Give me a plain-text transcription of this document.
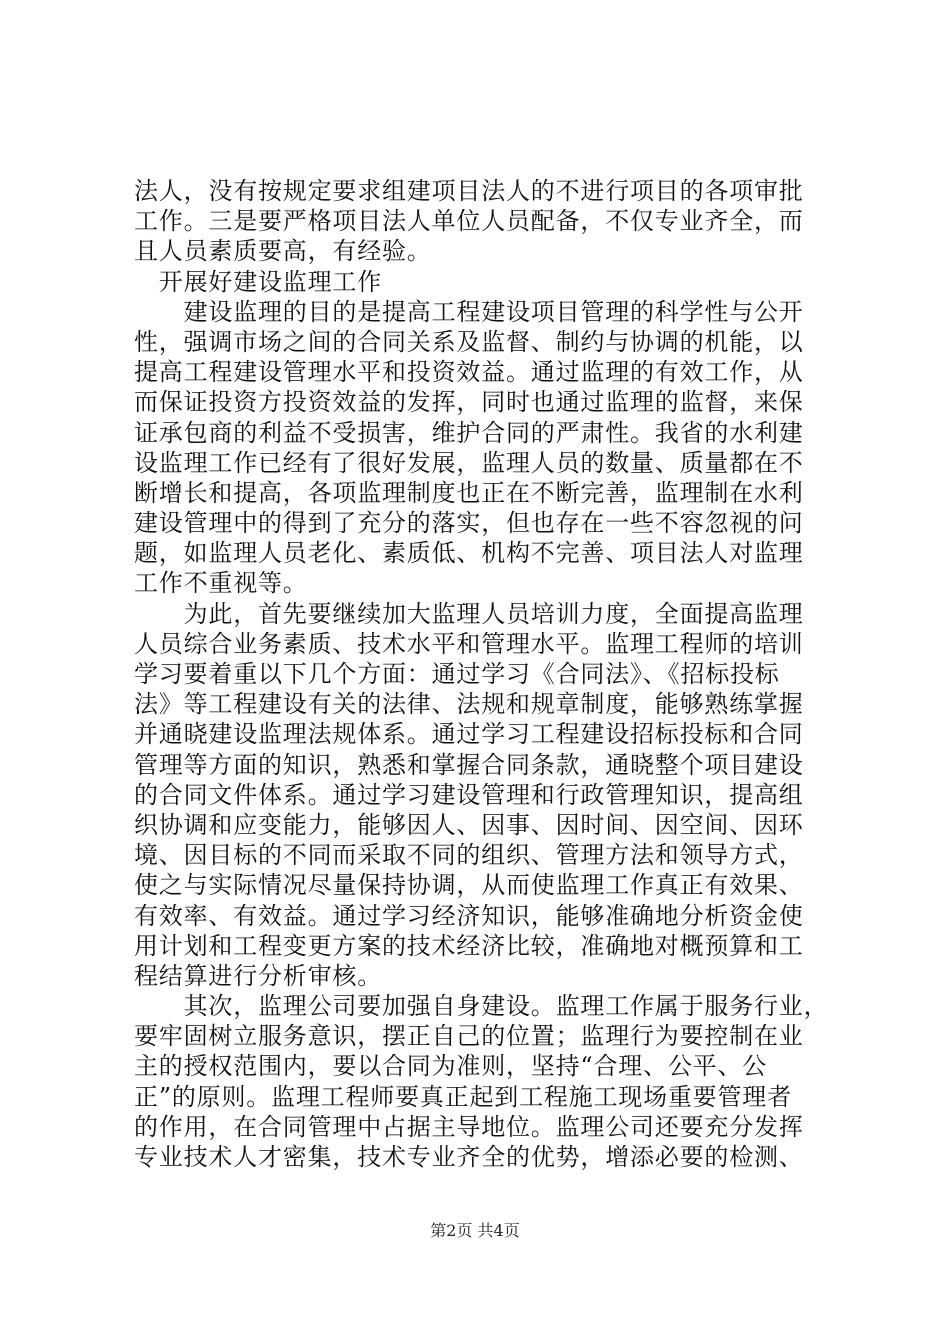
法人，没有按规定要求组建项目法人的不进行项目的各项审批
工作。三是要严格项目法人单位人员配备，不仅专业齐全，而
且人员素质要高，有经验。
　开展好建设监理工作
　　建设监理的目的是提高工程建设项目管理的科学性与公开
性，强调市场之间的合同关系及监督、制约与协调的机能，以
提高工程建设管理水平和投资效益。通过监理的有效工作，从
而保证投资方投资效益的发挥，同时也通过监理的监督，来保
证承包商的利益不受损害，维护合同的严肃性。我省的水利建
设监理工作已经有了很好发展，监理人员的数量、质量都在不
断增长和提高，各项监理制度也正在不断完善，监理制在水利
建设管理中的得到了充分的落实，但也存在一些不容忽视的问
题，如监理人员老化、素质低、机构不完善、项目法人对监理
工作不重视等。
　　为此，首先要继续加大监理人员培训力度，全面提高监理
人员综合业务素质、技术水平和管理水平。监理工程师的培训
学习要着重以下几个方面：通过学习《合同法》、《招标投标
法》等工程建设有关的法律、法规和规章制度，能够熟练掌握
并通晓建设监理法规体系。通过学习工程建设招标投标和合同
管理等方面的知识，熟悉和掌握合同条款，通晓整个项目建设
的合同文件体系。通过学习建设管理和行政管理知识，提高组
织协调和应变能力，能够因人、因事、因时间、因空间、因环
境、因目标的不同而采取不同的组织、管理方法和领导方式，
使之与实际情况尽量保持协调，从而使监理工作真正有效果、
有效率、有效益。通过学习经济知识，能够准确地分析资金使
用计划和工程变更方案的技术经济比较，准确地对概预算和工
程结算进行分析审核。
　　其次，监理公司要加强自身建设。监理工作属于服务行业，
要牢固树立服务意识，摆正自己的位置；监理行为要控制在业
主的授权范围内，要以合同为准则，坚持“合理、公平、公
正”的原则。监理工程师要真正起到工程施工现场重要管理者
的作用，在合同管理中占据主导地位。监理公司还要充分发挥
专业技术人才密集，技术专业齐全的优势，增添必要的检测、
第2页 共4页
